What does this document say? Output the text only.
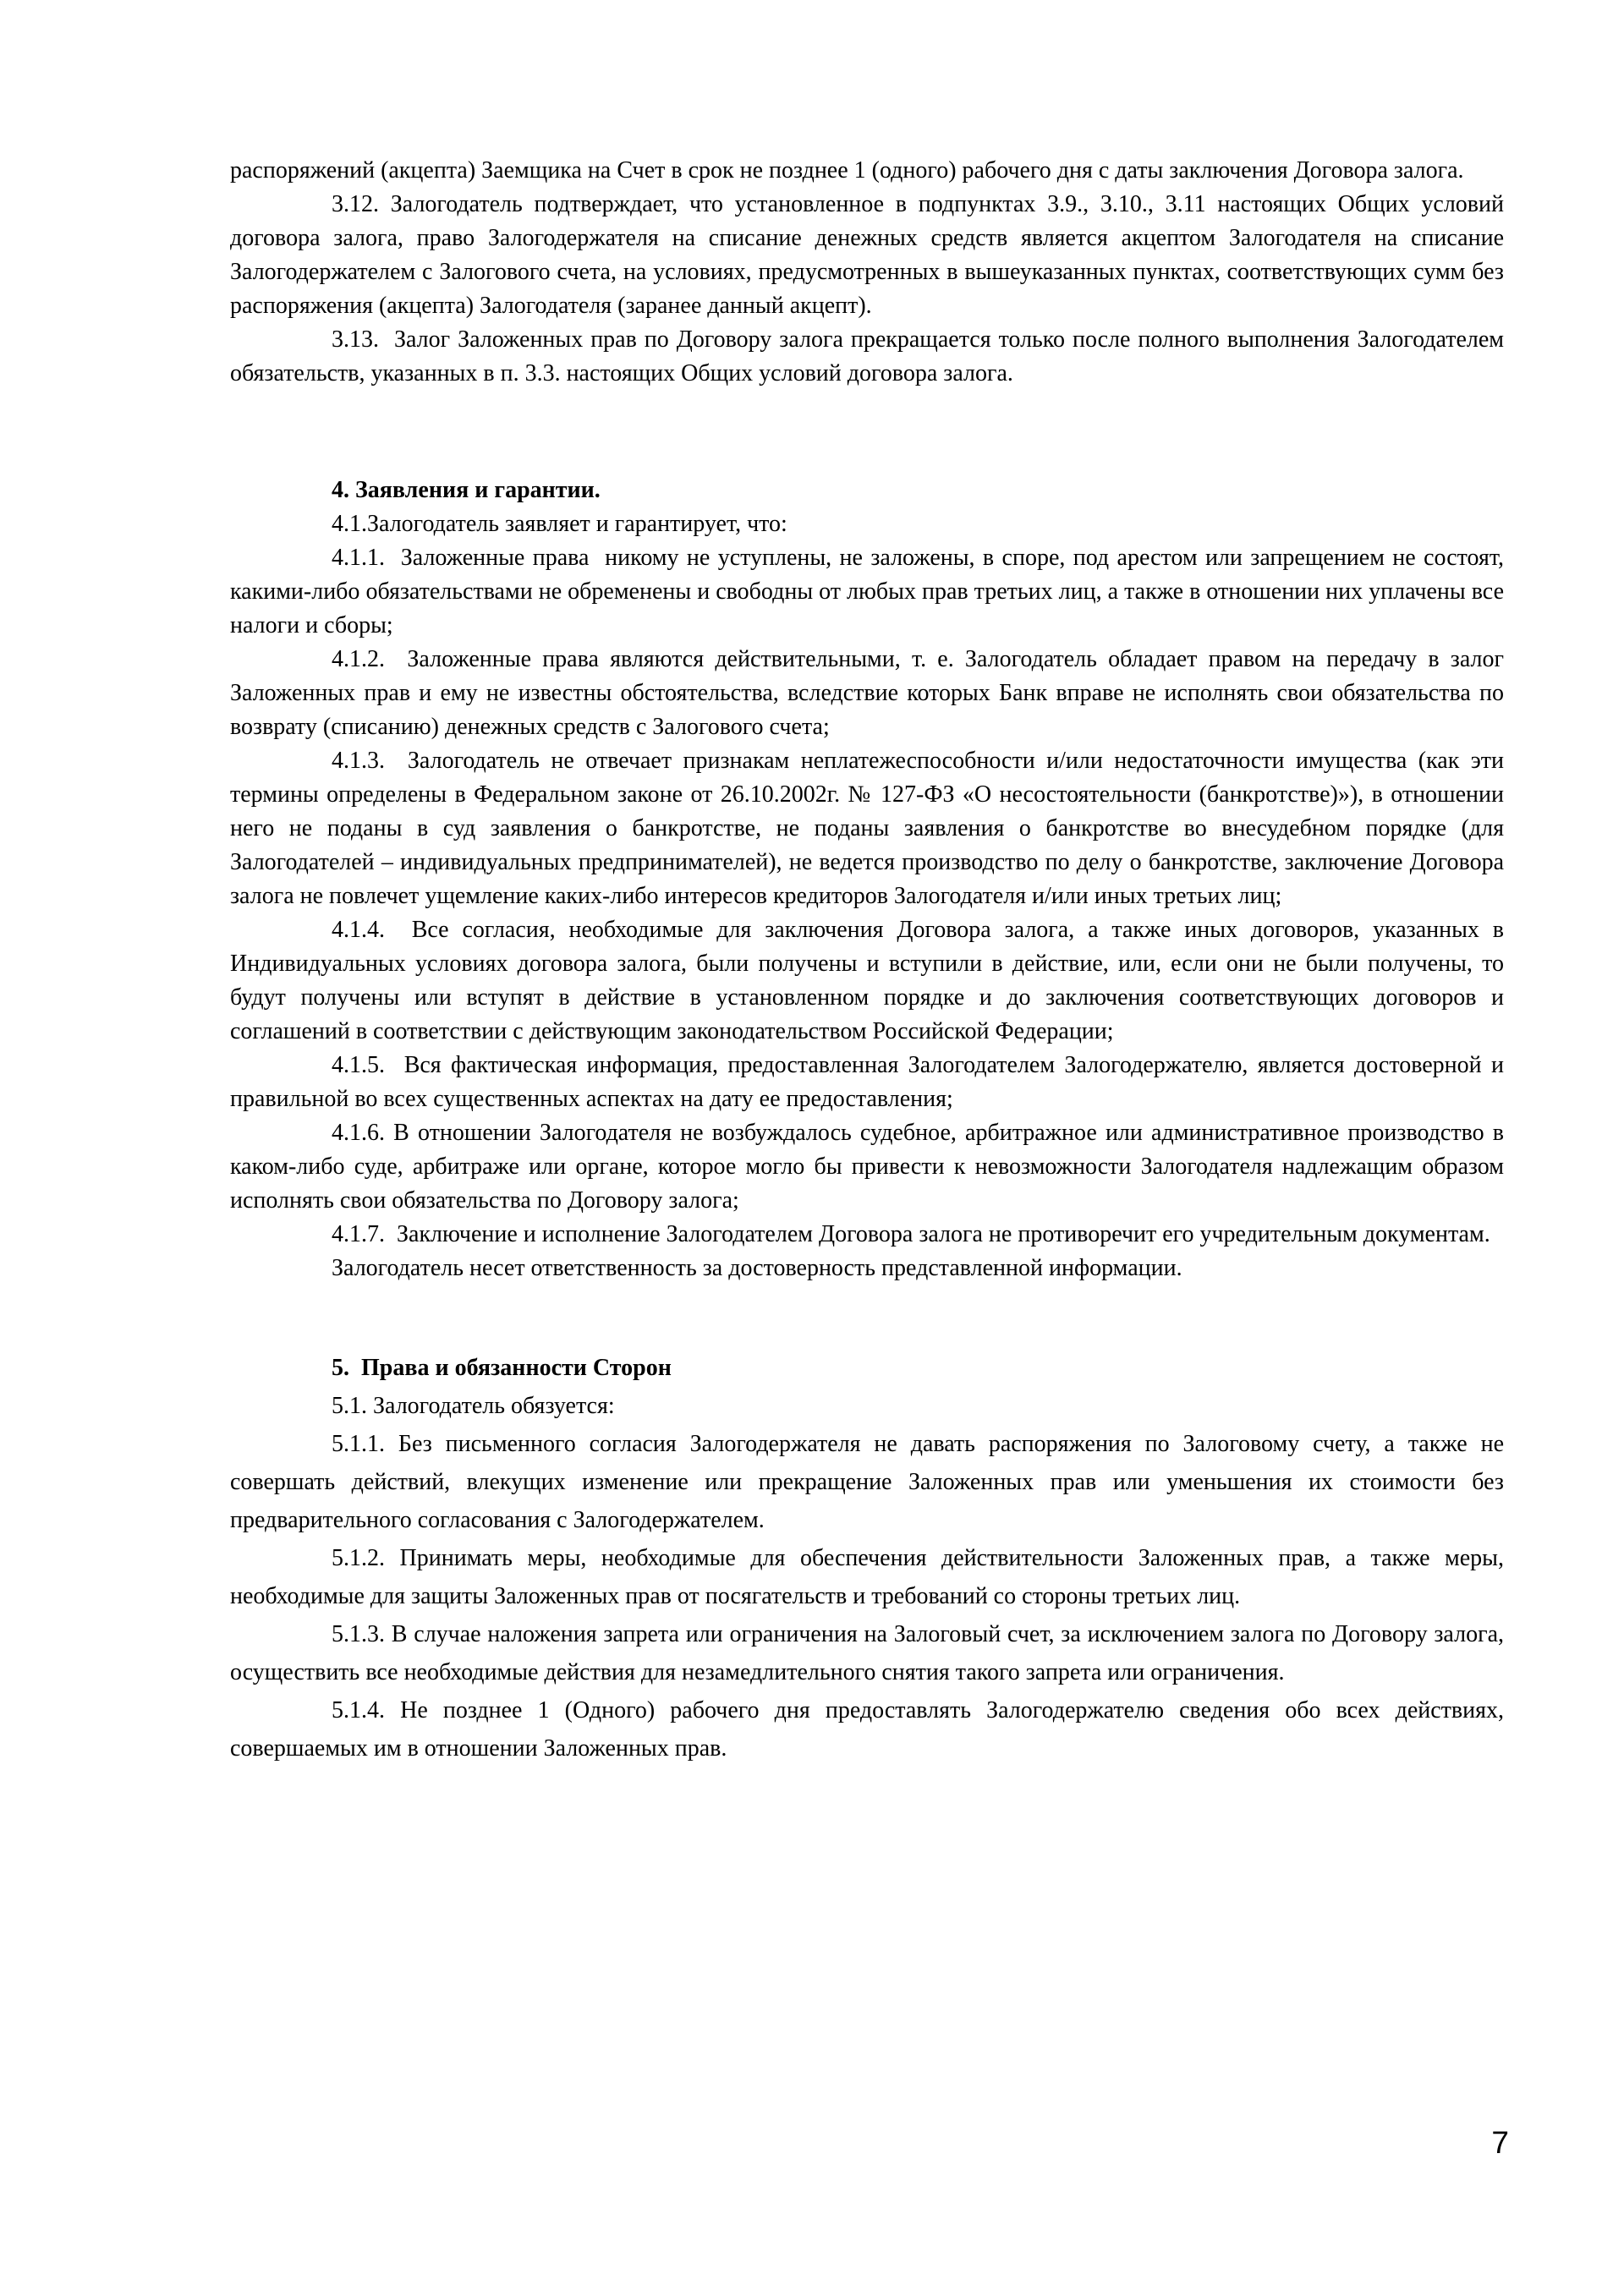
распоряжений (акцепта) Заемщика на Счет в срок не позднее 1 (одного) рабочего дня с даты заключения Договора залога.

3.12. Залогодатель подтверждает, что установленное в подпунктах 3.9., 3.10., 3.11 настоящих Общих условий договора залога, право Залогодержателя на списание денежных средств является акцептом Залогодателя на списание Залогодержателем с Залогового счета, на условиях, предусмотренных в вышеуказанных пунктах, соответствующих сумм без распоряжения (акцепта) Залогодателя (заранее данный акцепт).

3.13.  Залог Заложенных прав по Договору залога прекращается только после полного выполнения Залогодателем обязательств, указанных в п. 3.3. настоящих Общих условий договора залога.

4. Заявления и гарантии.

4.1.Залогодатель заявляет и гарантирует, что:

4.1.1.  Заложенные права  никому не уступлены, не заложены, в споре, под арестом или запрещением не состоят, какими-либо обязательствами не обременены и свободны от любых прав третьих лиц, а также в отношении них уплачены все налоги и сборы;

4.1.2.  Заложенные права являются действительными, т. е. Залогодатель обладает правом на передачу в залог Заложенных прав и ему не известны обстоятельства, вследствие которых Банк вправе не исполнять свои обязательства по возврату (списанию) денежных средств с Залогового счета;

4.1.3.  Залогодатель не отвечает признакам неплатежеспособности и/или недостаточности имущества (как эти термины определены в Федеральном законе от 26.10.2002г. № 127-ФЗ «О несостоятельности (банкротстве)»), в отношении него не поданы в суд заявления о банкротстве, не поданы заявления о банкротстве во внесудебном порядке (для Залогодателей – индивидуальных предпринимателей), не ведется производство по делу о банкротстве, заключение Договора залога не повлечет ущемление каких-либо интересов кредиторов Залогодателя и/или иных третьих лиц;

4.1.4.  Все согласия, необходимые для заключения Договора залога, а также иных договоров, указанных в Индивидуальных условиях договора залога, были получены и вступили в действие, или, если они не были получены, то будут получены или вступят в действие в установленном порядке и до заключения соответствующих договоров и соглашений в соответствии с действующим законодательством Российской Федерации;

4.1.5.  Вся фактическая информация, предоставленная Залогодателем Залогодержателю, является достоверной и правильной во всех существенных аспектах на дату ее предоставления;

4.1.6. В отношении Залогодателя не возбуждалось судебное, арбитражное или административное производство в каком-либо суде, арбитраже или органе, которое могло бы привести к невозможности Залогодателя надлежащим образом исполнять свои обязательства по Договору залога;

4.1.7.  Заключение и исполнение Залогодателем Договора залога не противоречит его учредительным документам.

Залогодатель несет ответственность за достоверность представленной информации.

5.  Права и обязанности Сторон

5.1. Залогодатель обязуется:

5.1.1. Без письменного согласия Залогодержателя не давать распоряжения по Залоговому счету, а также не совершать действий, влекущих изменение или прекращение Заложенных прав или уменьшения их стоимости без предварительного согласования с Залогодержателем.

5.1.2. Принимать меры, необходимые для обеспечения действительности Заложенных прав, а также меры, необходимые для защиты Заложенных прав от посягательств и требований со стороны третьих лиц.

5.1.3. В случае наложения запрета или ограничения на Залоговый счет, за исключением залога по Договору залога, осуществить все необходимые действия для незамедлительного снятия такого запрета или ограничения.

5.1.4. Не позднее 1 (Одного) рабочего дня предоставлять Залогодержателю сведения обо всех действиях, совершаемых им в отношении Заложенных прав.

7
